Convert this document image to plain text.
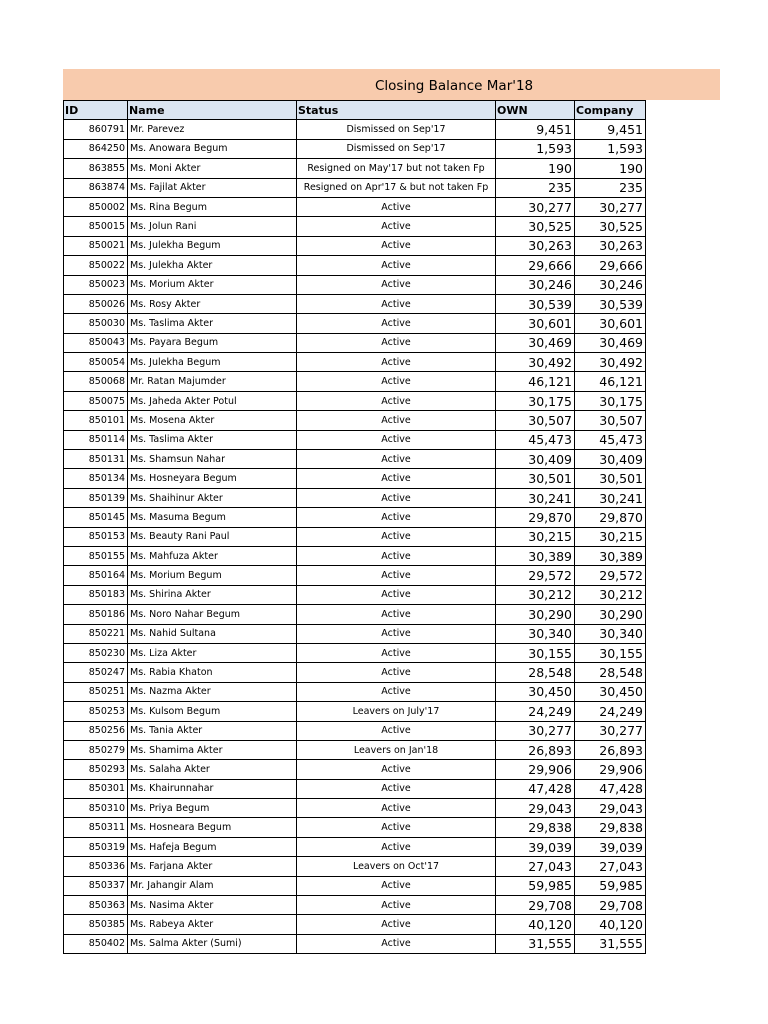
Closing Balance Mar'18
ID	Name	Status	OWN	Company
860791	Mr. Parevez	Dismissed on Sep'17	9,451	9,451
864250	Ms. Anowara Begum	Dismissed on Sep'17	1,593	1,593
863855	Ms. Moni Akter	Resigned on May'17 but not taken Fp	190	190
863874	Ms. Fajilat Akter	Resigned on Apr'17 & but not taken Fp	235	235
850002	Ms. Rina Begum	Active	30,277	30,277
850015	Ms. Jolun Rani	Active	30,525	30,525
850021	Ms. Julekha Begum	Active	30,263	30,263
850022	Ms. Julekha Akter	Active	29,666	29,666
850023	Ms. Morium Akter	Active	30,246	30,246
850026	Ms. Rosy Akter	Active	30,539	30,539
850030	Ms. Taslima Akter	Active	30,601	30,601
850043	Ms. Payara Begum	Active	30,469	30,469
850054	Ms. Julekha Begum	Active	30,492	30,492
850068	Mr. Ratan Majumder	Active	46,121	46,121
850075	Ms. Jaheda Akter Potul	Active	30,175	30,175
850101	Ms. Mosena Akter	Active	30,507	30,507
850114	Ms. Taslima Akter	Active	45,473	45,473
850131	Ms. Shamsun Nahar	Active	30,409	30,409
850134	Ms. Hosneyara Begum	Active	30,501	30,501
850139	Ms. Shaihinur Akter	Active	30,241	30,241
850145	Ms. Masuma Begum	Active	29,870	29,870
850153	Ms. Beauty Rani Paul	Active	30,215	30,215
850155	Ms. Mahfuza Akter	Active	30,389	30,389
850164	Ms. Morium Begum	Active	29,572	29,572
850183	Ms. Shirina Akter	Active	30,212	30,212
850186	Ms. Noro Nahar Begum	Active	30,290	30,290
850221	Ms. Nahid Sultana	Active	30,340	30,340
850230	Ms. Liza Akter	Active	30,155	30,155
850247	Ms. Rabia Khaton	Active	28,548	28,548
850251	Ms. Nazma Akter	Active	30,450	30,450
850253	Ms. Kulsom Begum	Leavers on July'17	24,249	24,249
850256	Ms. Tania Akter	Active	30,277	30,277
850279	Ms. Shamima Akter	Leavers on Jan'18	26,893	26,893
850293	Ms. Salaha Akter	Active	29,906	29,906
850301	Ms. Khairunnahar	Active	47,428	47,428
850310	Ms. Priya Begum	Active	29,043	29,043
850311	Ms. Hosneara Begum	Active	29,838	29,838
850319	Ms. Hafeja Begum	Active	39,039	39,039
850336	Ms. Farjana Akter	Leavers on Oct'17	27,043	27,043
850337	Mr. Jahangir Alam	Active	59,985	59,985
850363	Ms. Nasima Akter	Active	29,708	29,708
850385	Ms. Rabeya Akter	Active	40,120	40,120
850402	Ms. Salma Akter (Sumi)	Active	31,555	31,555
